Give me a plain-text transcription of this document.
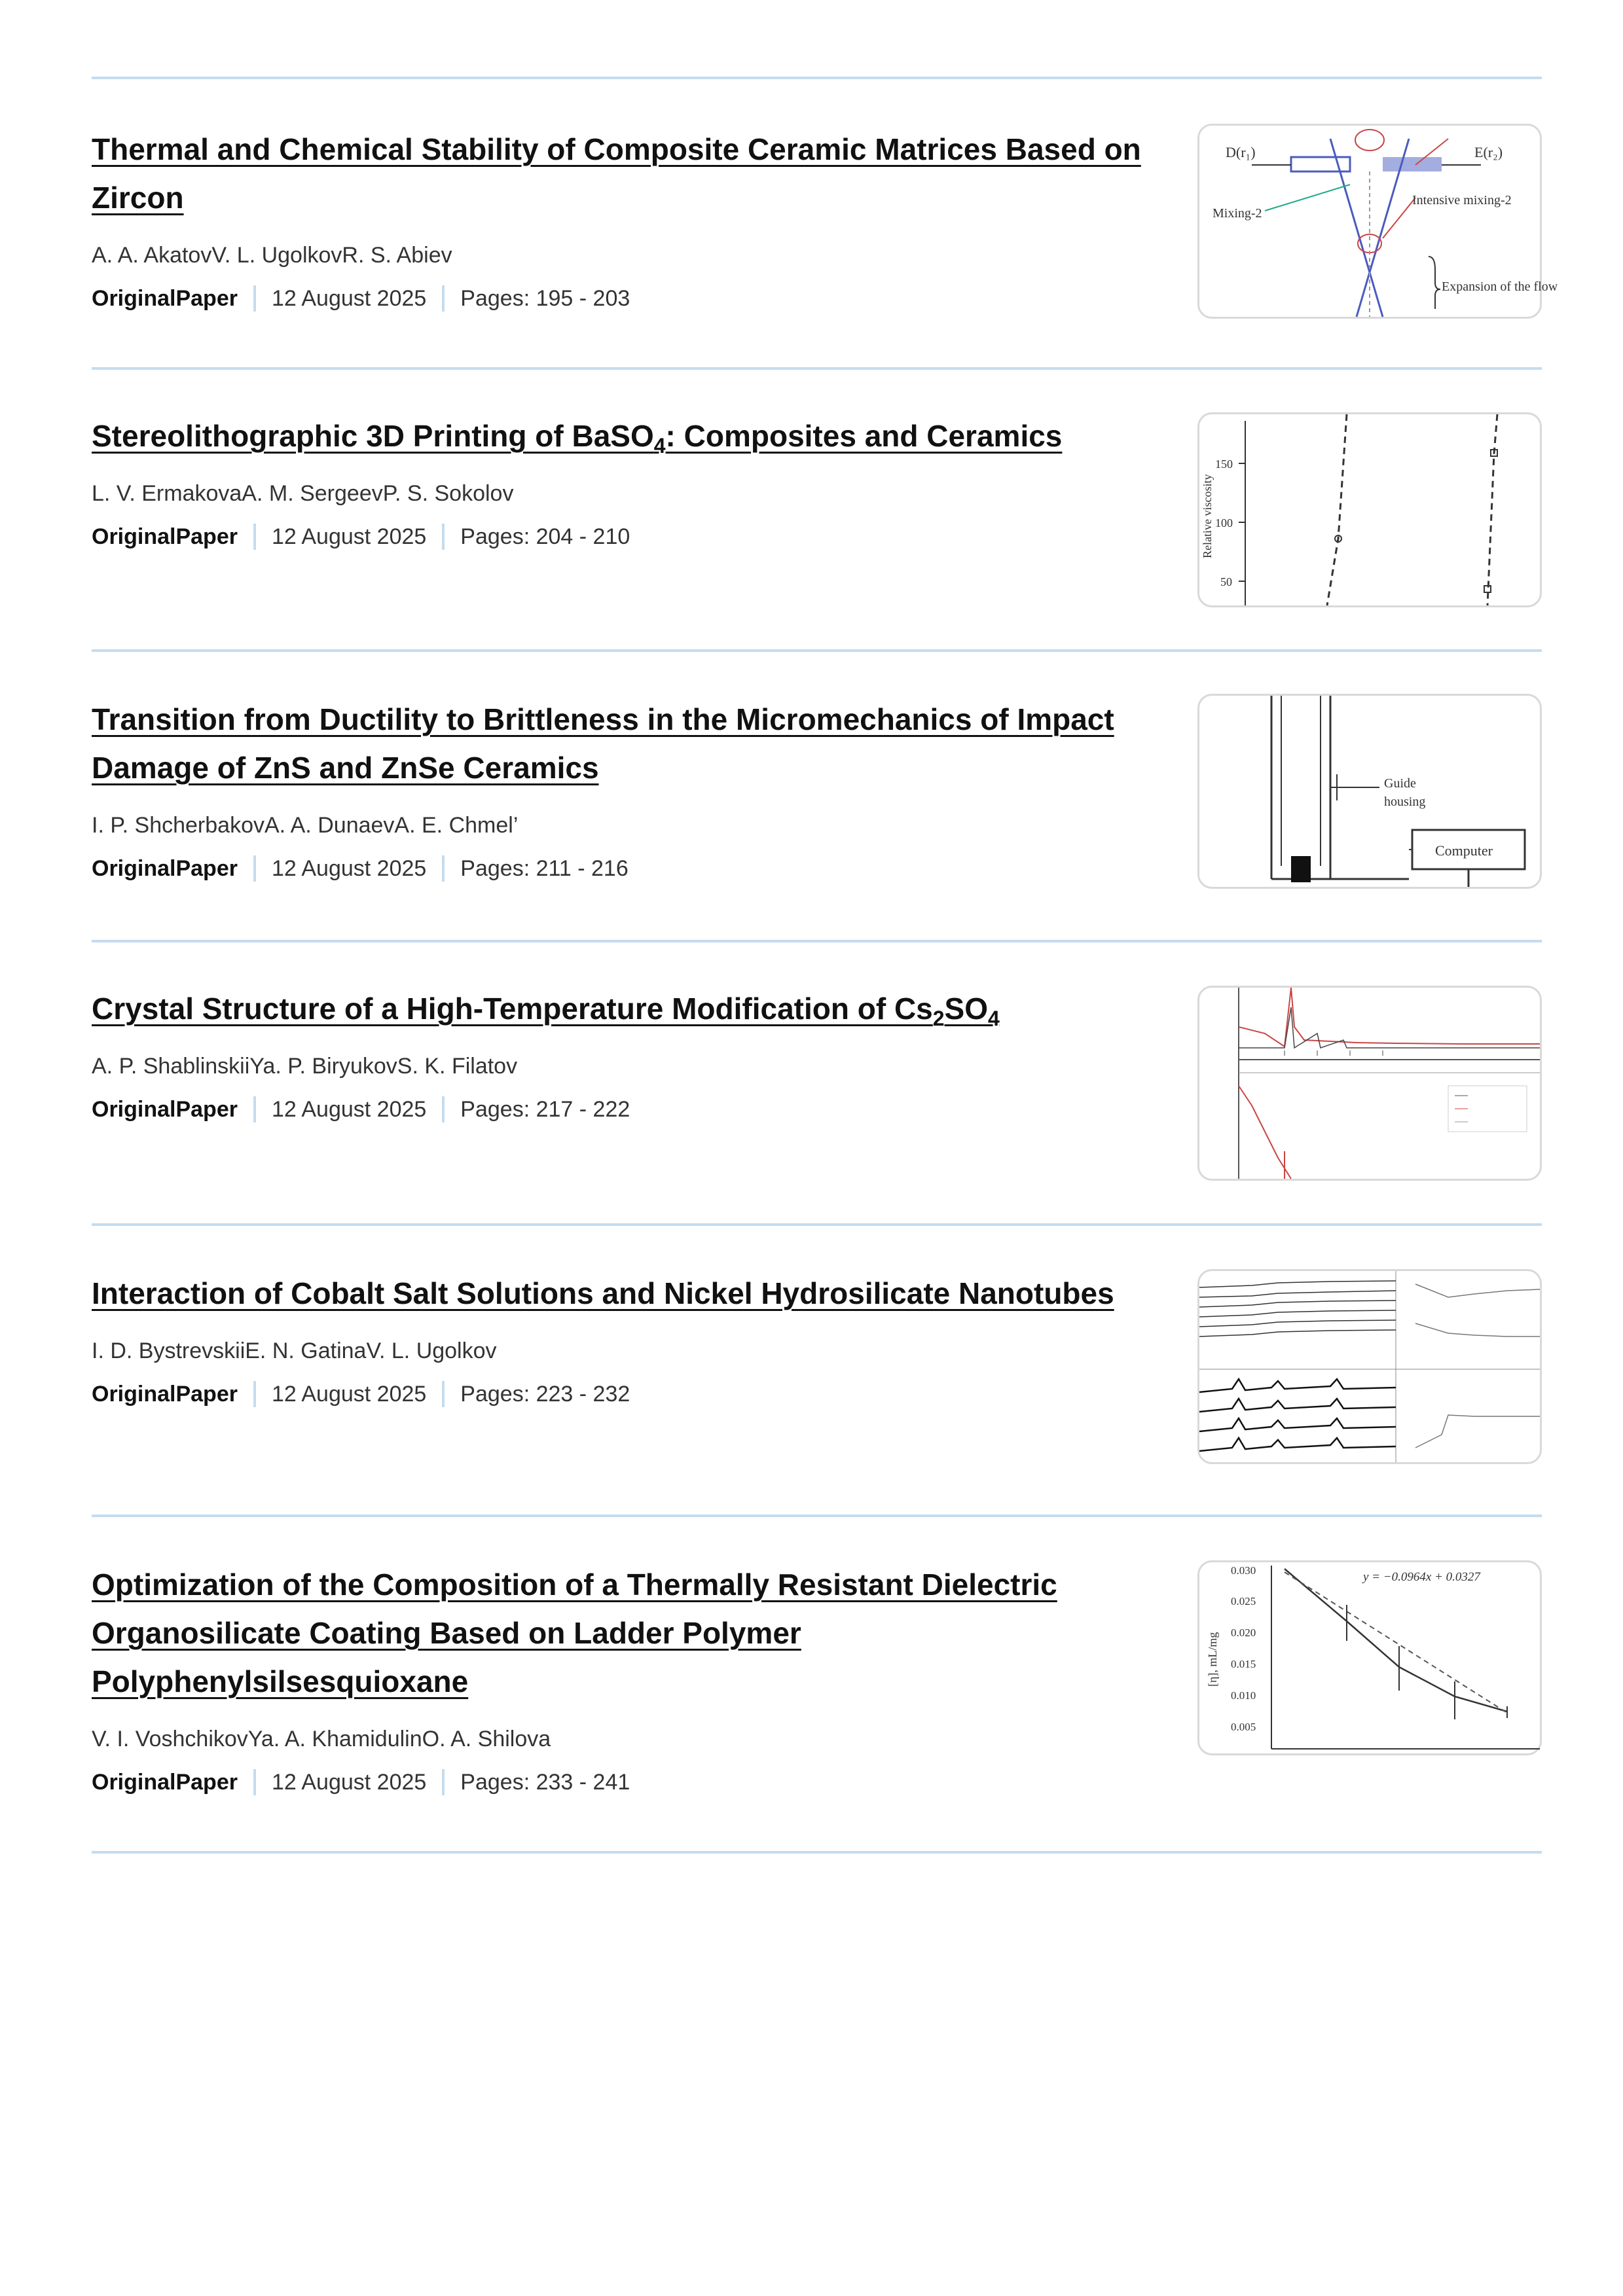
D(r₁)	E(r₂)
Mixing-2
Intensive mixing-2
Expansion of the flow
Thermal and Chemical Stability of Composite Ceramic Matrices Based on Zircon
A. A. AkatovV. L. UgolkovR. S. Abiev
OriginalPaper 12 August 2025 Pages: 195 - 203
150
100
50
Relative viscosity
Stereolithographic 3D Printing of BaSO$_4$: Composites and Ceramics
L. V. ErmakovaA. M. SergeevP. S. Sokolov
OriginalPaper 12 August 2025 Pages: 204 - 210
Guide
housing
Computer
Transition from Ductility to Brittleness in the Micromechanics of Impact Damage of ZnS and ZnSe Ceramics
I. P. ShcherbakovA. A. DunaevA. E. Chmel’
OriginalPaper 12 August 2025 Pages: 211 - 216
Crystal Structure of a High-Temperature Modification of $Cs_2SO_4$
A. P. ShablinskiiYa. P. BiryukovS. K. Filatov
OriginalPaper 12 August 2025 Pages: 217 - 222
Interaction of Cobalt Salt Solutions and Nickel Hydrosilicate Nanotubes
I. D. BystrevskiiE. N. GatinaV. L. Ugolkov
OriginalPaper 12 August 2025 Pages: 223 - 232
0.030
0.025
0.020
0.015
0.010
0.005
[η], mL/mg
y = −0.0964x + 0.0327
Optimization of the Composition of a Thermally Resistant Dielectric Organosilicate Coating Based on Ladder Polymer Polyphenylsilsesquioxane
V. I. VoshchikovYa. A. KhamidulinO. A. Shilova
OriginalPaper 12 August 2025 Pages: 233 - 241
